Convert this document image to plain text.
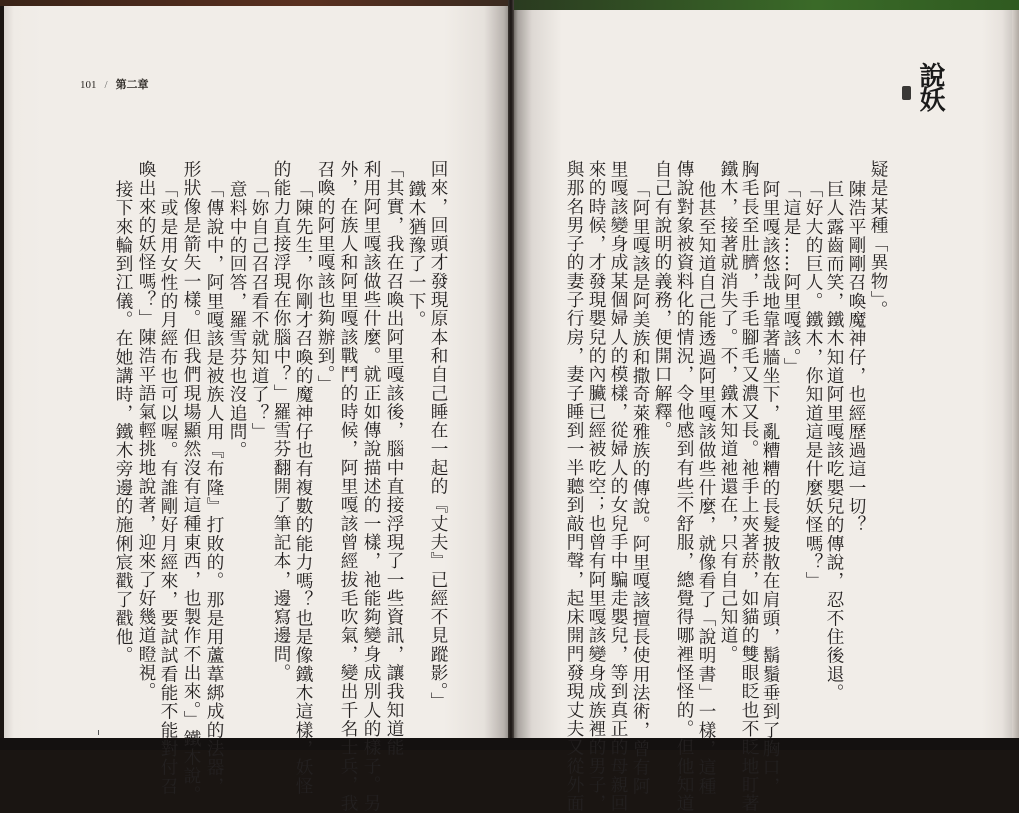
101 / 第二章	說妖
回來，回頭才發現原本和自己睡在一起的『丈夫』已經不見蹤影。」
鐵木猶豫了一下。
「其實，我在召喚出阿里嘎該後，腦中直接浮現了一些資訊，讓我知道能
利用阿里嘎該做些什麼。就正如傳說描述的一樣，祂能夠變身成別人的樣子。另
外，在族人和阿里嘎該戰鬥的時候，阿里嘎該曾經拔毛吹氣，變出千名士兵，我
召喚的阿里嘎該也夠辦到。」
「陳先生，你剛才召喚的魔神仔也有複數的能力嗎？也是像鐵木這樣，妖怪
的能力直接浮現在你腦中？」羅雪芬翻開了筆記本，邊寫邊問。
「妳自己召召看不就知道了？」
意料中的回答，羅雪芬也沒追問。
「傳說中，阿里嘎該是被族人用『布隆』打敗的。那是用蘆葦綁成的法器，
形狀像是箭矢一樣。但我們現場顯然沒有這種東西，也製作不出來。」鐵木說。
「或是用女性的月經布也可以喔。有誰剛好月經來，要試試看能不能對付召
喚出來的妖怪嗎？」陳浩平語氣輕挑地說著，迎來了好幾道瞪視。
接下來輪到江儀。在她講時，鐵木旁邊的施俐宸戳了戳他。	疑是某種「異物」。
陳浩平剛剛召喚魔神仔，也經歷過這一切？
巨人露齒而笑，鐵木知道阿里嘎該吃嬰兒的傳說，忍不住後退。
「好大的巨人。鐵木，你知道這是什麼妖怪嗎？」
「這是……阿里嘎該。」
阿里嘎該悠哉地靠著牆坐下，亂糟糟的長髮披散在肩頭，鬍鬚垂到了胸口，
胸毛長至肚臍，手毛腳毛又濃又長。祂手上夾著菸，如貓的雙眼眨也不眨地盯著
鐵木，接著就消失了。不，鐵木知道祂還在，只有自己知道。
他甚至知道自己能透過阿里嘎該做些什麼，就像看了「說明書」一樣，這種
傳說對象被資料化的情況，令他感到有些不舒服，總覺得哪裡怪怪的。但他知道
自己有說明的義務，便開口解釋。
「阿里嘎該是阿美族和撒奇萊雅族的傳說。阿里嘎該擅長使用法術，曾有阿
里嘎該變身成某個婦人的模樣，從婦人的女兒手中騙走嬰兒，等到真正的母親回
來的時候，才發現嬰兒的內臟已經被吃空；也曾有阿里嘎該變身成族裡的男子，
與那名男子的妻子行房，妻子睡到一半聽到敲門聲，起床開門發現丈夫又從外面
